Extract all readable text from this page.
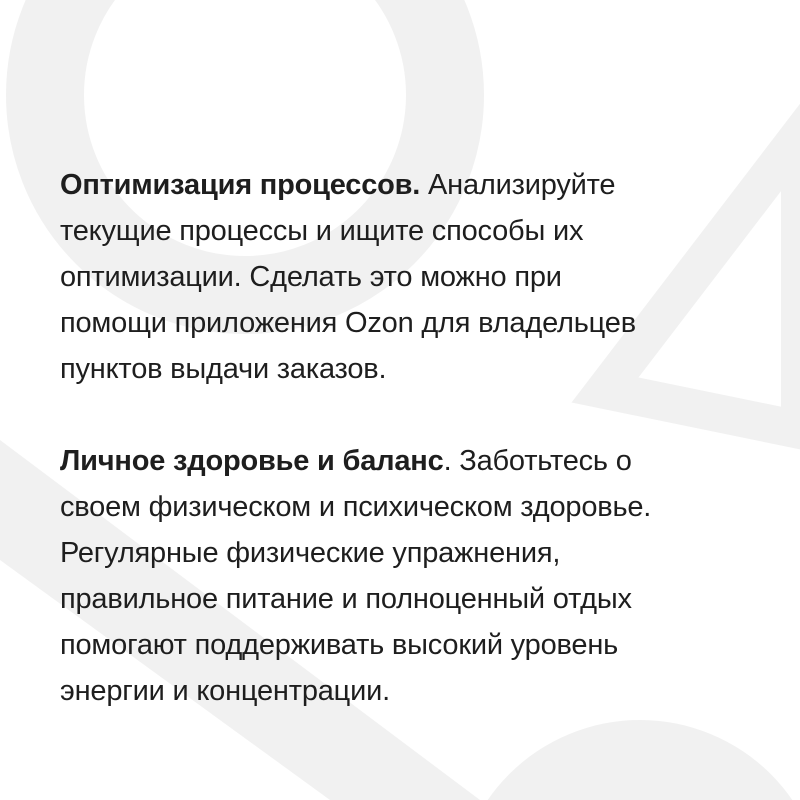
Оптимизация процессов. Анализируйте
текущие процессы и ищите способы их
оптимизации. Сделать это можно при
помощи приложения Ozon для владельцев
пунктов выдачи заказов.

Личное здоровье и баланс. Заботьтесь о
своем физическом и психическом здоровье.
Регулярные физические упражнения,
правильное питание и полноценный отдых
помогают поддерживать высокий уровень
энергии и концентрации.
